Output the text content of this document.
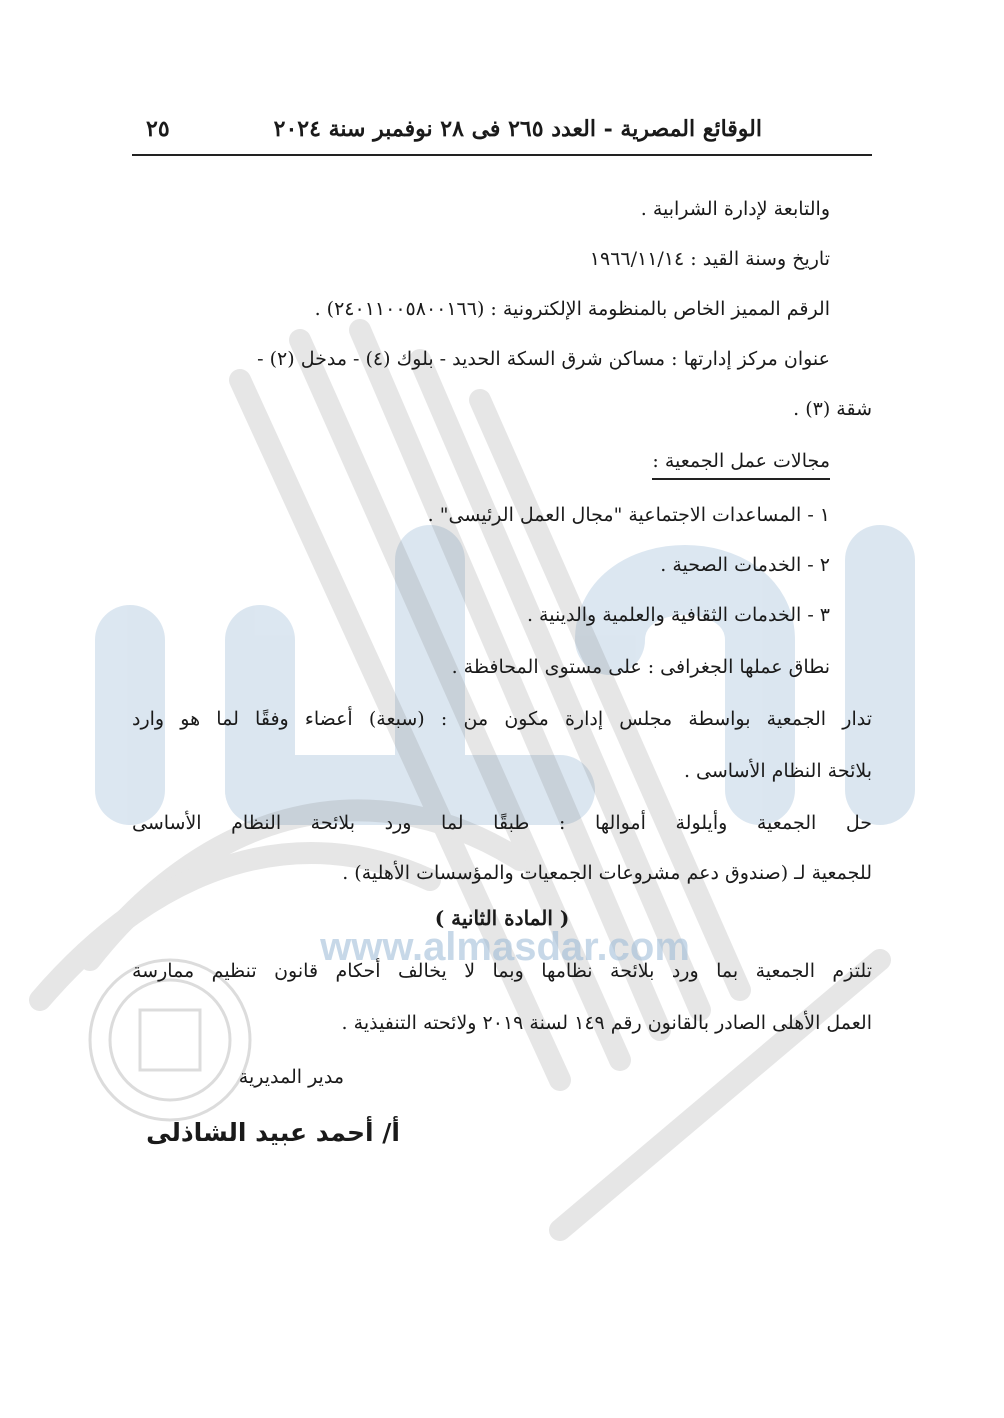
www.almasdar.com
الوقائع المصرية - العدد ٢٦٥ فى ٢٨ نوفمبر سنة ٢٠٢٤
٢٥
والتابعة لإدارة الشرابية .
تاريخ وسنة القيد : ١٩٦٦/١١/١٤
الرقم المميز الخاص بالمنظومة الإلكترونية : (٢٤٠١١٠٠٥٨٠٠١٦٦) .
عنوان مركز إدارتها : مساكن شرق السكة الحديد - بلوك (٤) - مدخل (٢) -
شقة (٣) .
مجالات عمل الجمعية :
١ - المساعدات الاجتماعية "مجال العمل الرئيسى" .
٢ - الخدمات الصحية .
٣ - الخدمات الثقافية والعلمية والدينية .
نطاق عملها الجغرافى : على مستوى المحافظة .
تدار الجمعية بواسطة مجلس إدارة مكون من : (سبعة) أعضاء وفقًا لما هو وارد
بلائحة النظام الأساسى .
حل الجمعية وأيلولة أموالها : طبقًا لما ورد بلائحة النظام الأساسى
للجمعية لـ (صندوق دعم مشروعات الجمعيات والمؤسسات الأهلية) .
( المادة الثانية )
تلتزم الجمعية بما ورد بلائحة نظامها وبما لا يخالف أحكام قانون تنظيم ممارسة
العمل الأهلى الصادر بالقانون رقم ١٤٩ لسنة ٢٠١٩ ولائحته التنفيذية .
مدير المديرية
أ/ أحمد عبيد الشاذلى
